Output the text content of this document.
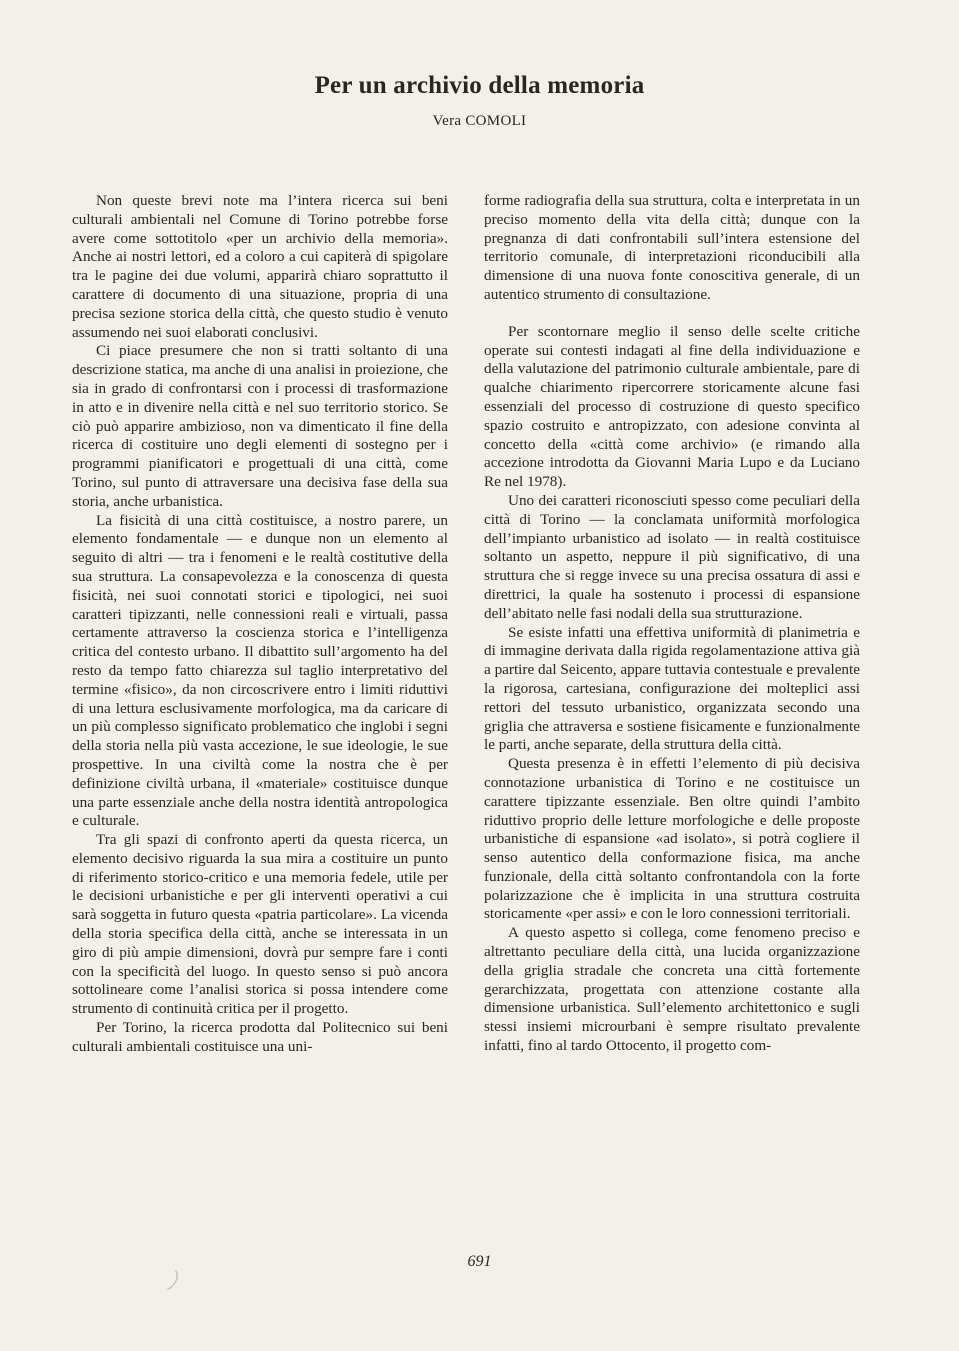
Per un archivio della memoria
Vera COMOLI

Non queste brevi note ma l’intera ricerca sui beni culturali ambientali nel Comune di Torino potrebbe forse avere come sottotitolo «per un archivio della memoria». Anche ai nostri lettori, ed a coloro a cui capiterà di spigolare tra le pagine dei due volumi, apparirà chiaro soprattutto il carattere di documento di una situazione, propria di una precisa sezione storica della città, che questo studio è venuto assumendo nei suoi elaborati conclusivi.

Ci piace presumere che non si tratti soltanto di una descrizione statica, ma anche di una analisi in proiezione, che sia in grado di confrontarsi con i processi di trasformazione in atto e in divenire nella città e nel suo territorio storico. Se ciò può apparire ambizioso, non va dimenticato il fine della ricerca di costituire uno degli elementi di sostegno per i programmi pianificatori e progettuali di una città, come Torino, sul punto di attraversare una decisiva fase della sua storia, anche urbanistica.

La fisicità di una città costituisce, a nostro parere, un elemento fondamentale — e dunque non un elemento al seguito di altri — tra i fenomeni e le realtà costitutive della sua struttura. La consapevolezza e la conoscenza di questa fisicità, nei suoi connotati storici e tipologici, nei suoi caratteri tipizzanti, nelle connessioni reali e virtuali, passa certamente attraverso la coscienza storica e l’intelligenza critica del contesto urbano. Il dibattito sull’argomento ha del resto da tempo fatto chiarezza sul taglio interpretativo del termine «fisico», da non circoscrivere entro i limiti riduttivi di una lettura esclusivamente morfologica, ma da caricare di un più complesso significato problematico che inglobi i segni della storia nella più vasta accezione, le sue ideologie, le sue prospettive. In una civiltà come la nostra che è per definizione civiltà urbana, il «materiale» costituisce dunque una parte essenziale anche della nostra identità antropologica e culturale.

Tra gli spazi di confronto aperti da questa ricerca, un elemento decisivo riguarda la sua mira a costituire un punto di riferimento storico-critico e una memoria fedele, utile per le decisioni urbanistiche e per gli interventi operativi a cui sarà soggetta in futuro questa «patria particolare». La vicenda della storia specifica della città, anche se interessata in un giro di più ampie dimensioni, dovrà pur sempre fare i conti con la specificità del luogo. In questo senso si può ancora sottolineare come l’analisi storica si possa intendere come strumento di continuità critica per il progetto.

Per Torino, la ricerca prodotta dal Politecnico sui beni culturali ambientali costituisce una uni-

forme radiografia della sua struttura, colta e interpretata in un preciso momento della vita della città; dunque con la pregnanza di dati confrontabili sull’intera estensione del territorio comunale, di interpretazioni riconducibili alla dimensione di una nuova fonte conoscitiva generale, di un autentico strumento di consultazione.

Per scontornare meglio il senso delle scelte critiche operate sui contesti indagati al fine della individuazione e della valutazione del patrimonio culturale ambientale, pare di qualche chiarimento ripercorrere storicamente alcune fasi essenziali del processo di costruzione di questo specifico spazio costruito e antropizzato, con adesione convinta al concetto della «città come archivio» (e rimando alla accezione introdotta da Giovanni Maria Lupo e da Luciano Re nel 1978).

Uno dei caratteri riconosciuti spesso come peculiari della città di Torino — la conclamata uniformità morfologica dell’impianto urbanistico ad isolato — in realtà costituisce soltanto un aspetto, neppure il più significativo, di una struttura che si regge invece su una precisa ossatura di assi e direttrici, la quale ha sostenuto i processi di espansione dell’abitato nelle fasi nodali della sua strutturazione.

Se esiste infatti una effettiva uniformità di planimetria e di immagine derivata dalla rigida regolamentazione attiva già a partire dal Seicento, appare tuttavia contestuale e prevalente la rigorosa, cartesiana, configurazione dei molteplici assi rettori del tessuto urbanistico, organizzata secondo una griglia che attraversa e sostiene fisicamente e funzionalmente le parti, anche separate, della struttura della città.

Questa presenza è in effetti l’elemento di più decisiva connotazione urbanistica di Torino e ne costituisce un carattere tipizzante essenziale. Ben oltre quindi l’ambito riduttivo proprio delle letture morfologiche e delle proposte urbanistiche di espansione «ad isolato», si potrà cogliere il senso autentico della conformazione fisica, ma anche funzionale, della città soltanto confrontandola con la forte polarizzazione che è implicita in una struttura costruita storicamente «per assi» e con le loro connessioni territoriali.

A questo aspetto si collega, come fenomeno preciso e altrettanto peculiare della città, una lucida organizzazione della griglia stradale che concreta una città fortemente gerarchizzata, progettata con attenzione costante alla dimensione urbanistica. Sull’elemento architettonico e sugli stessi insiemi microurbani è sempre risultato prevalente infatti, fino al tardo Ottocento, il progetto com-

691
